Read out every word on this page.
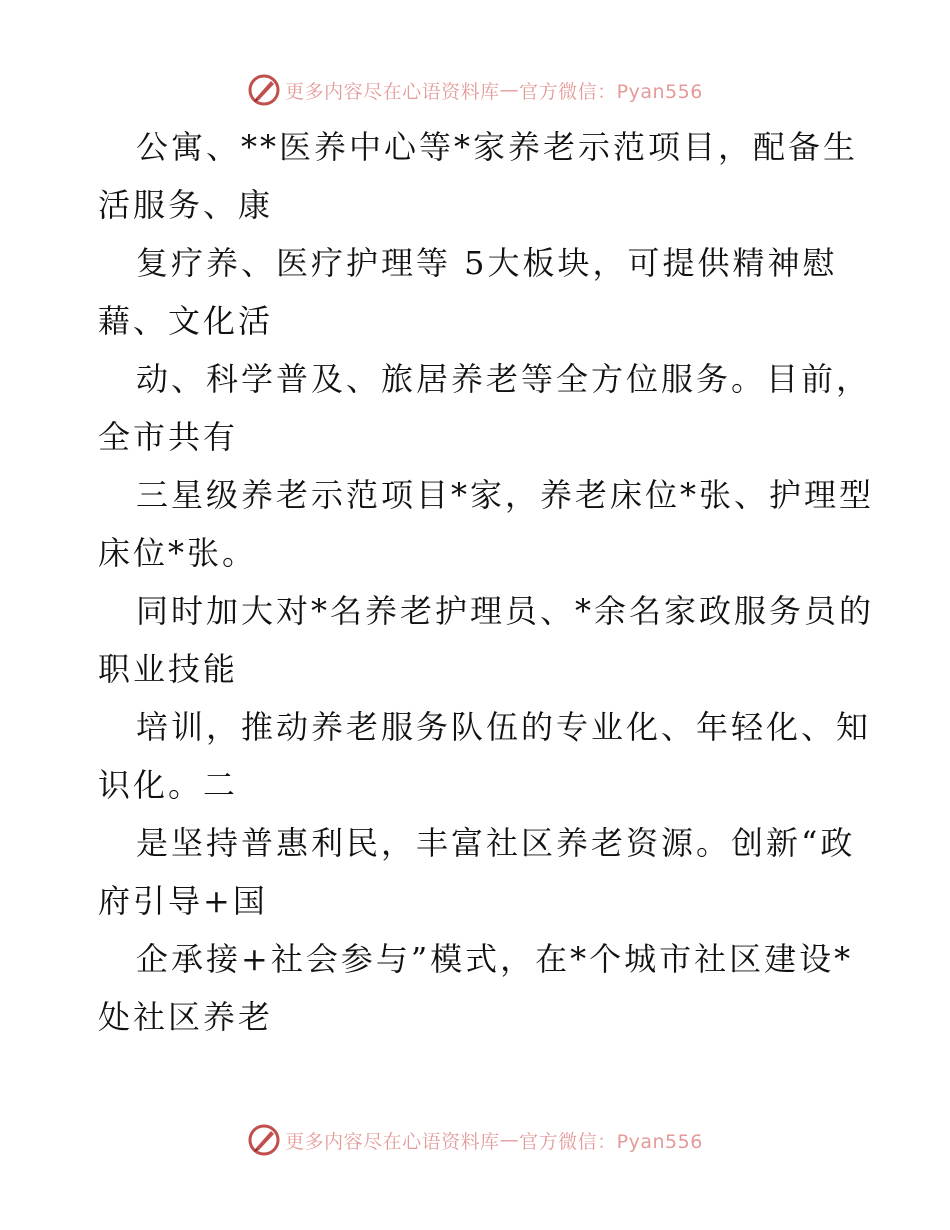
更多内容尽在心语资料库 — 官方微信：Pyan556
公寓、**医养中心等*家养老示范项目，配备生
活服务、康
复疗养、医疗护理等 5大板块，可提供精神慰
藉、文化活
动、科学普及、旅居养老等全方位服务。目前，
全市共有
三星级养老示范项目*家，养老床位*张、护理型
床位*张。
同时加大对*名养老护理员、*余名家政服务员的
职业技能
培训，推动养老服务队伍的专业化、年轻化、知
识化。二
是坚持普惠利民，丰富社区养老资源。创新“政
府引导+国
企承接+社会参与”模式，在*个城市社区建设*
处社区养老
更多内容尽在心语资料库 — 官方微信：Pyan556
